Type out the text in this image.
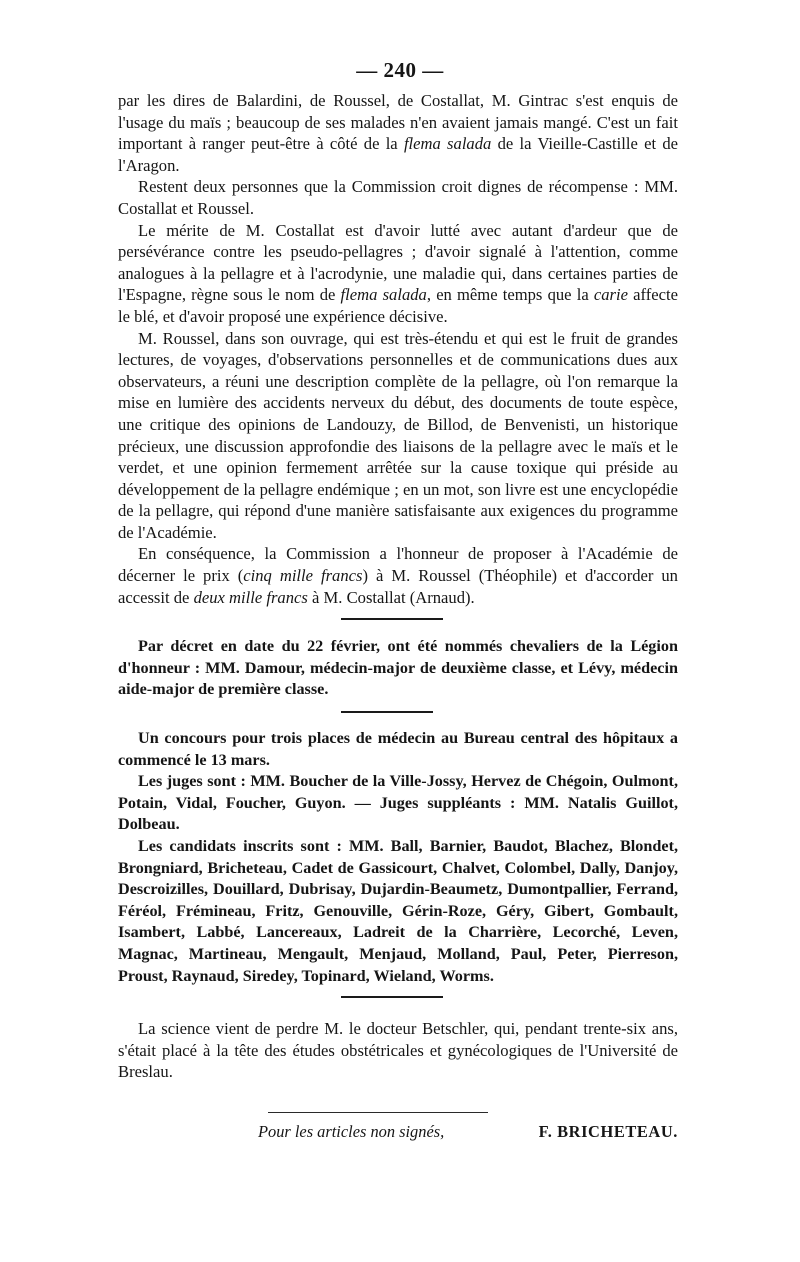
— 240 —

par les dires de Balardini, de Roussel, de Costallat, M. Gintrac s'est enquis de l'usage du maïs ; beaucoup de ses malades n'en avaient jamais mangé. C'est un fait important à ranger peut-être à côté de la flema salada de la Vieille-Castille et de l'Aragon.

Restent deux personnes que la Commission croit dignes de récompense : MM. Costallat et Roussel.

Le mérite de M. Costallat est d'avoir lutté avec autant d'ardeur que de persévérance contre les pseudo-pellagres ; d'avoir signalé à l'attention, comme analogues à la pellagre et à l'acrodynie, une maladie qui, dans certaines parties de l'Espagne, règne sous le nom de flema salada, en même temps que la carie affecte le blé, et d'avoir proposé une expérience décisive.

M. Roussel, dans son ouvrage, qui est très-étendu et qui est le fruit de grandes lectures, de voyages, d'observations personnelles et de communications dues aux observateurs, a réuni une description complète de la pellagre, où l'on remarque la mise en lumière des accidents nerveux du début, des documents de toute espèce, une critique des opinions de Landouzy, de Billod, de Benvenisti, un historique précieux, une discussion approfondie des liaisons de la pellagre avec le maïs et le verdet, et une opinion fermement arrêtée sur la cause toxique qui préside au développement de la pellagre endémique ; en un mot, son livre est une encyclopédie de la pellagre, qui répond d'une manière satisfaisante aux exigences du programme de l'Académie.

En conséquence, la Commission a l'honneur de proposer à l'Académie de décerner le prix (cinq mille francs) à M. Roussel (Théophile) et d'accorder un accessit de deux mille francs à M. Costallat (Arnaud).

Par décret en date du 22 février, ont été nommés chevaliers de la Légion d'honneur : MM. Damour, médecin-major de deuxième classe, et Lévy, médecin aide-major de première classe.

Un concours pour trois places de médecin au Bureau central des hôpitaux a commencé le 13 mars.

Les juges sont : MM. Boucher de la Ville-Jossy, Hervez de Chégoin, Oulmont, Potain, Vidal, Foucher, Guyon. — Juges suppléants : MM. Natalis Guillot, Dolbeau.

Les candidats inscrits sont : MM. Ball, Barnier, Baudot, Blachez, Blondet, Brongniard, Bricheteau, Cadet de Gassicourt, Chalvet, Colombel, Dally, Danjoy, Descroizilles, Douillard, Dubrisay, Dujardin-Beaumetz, Dumontpallier, Ferrand, Féréol, Frémineau, Fritz, Genouville, Gérin-Roze, Géry, Gibert, Gombault, Isambert, Labbé, Lancereaux, Ladreit de la Charrière, Lecorché, Leven, Magnac, Martineau, Mengault, Menjaud, Molland, Paul, Peter, Pierreson, Proust, Raynaud, Siredey, Topinard, Wieland, Worms.

La science vient de perdre M. le docteur Betschler, qui, pendant trente-six ans, s'était placé à la tête des études obstétricales et gynécologiques de l'Université de Breslau.

Pour les articles non signés,	F. BRICHETEAU.
